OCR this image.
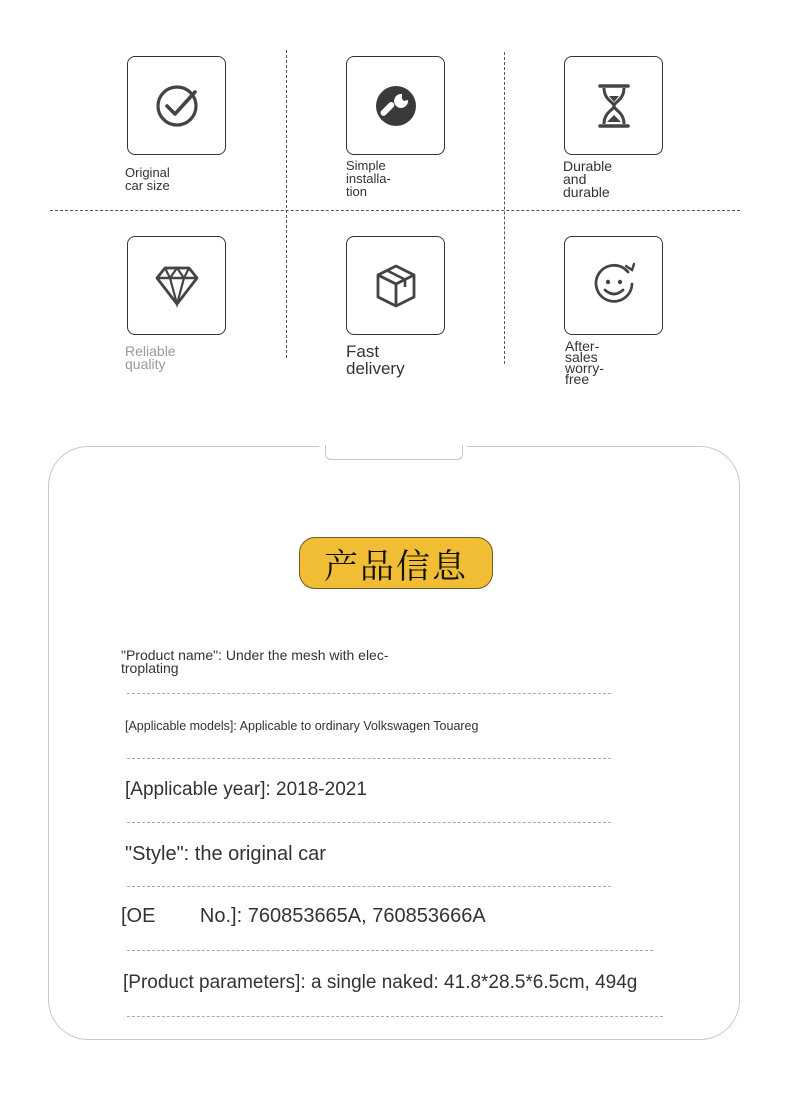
Original car size
Simple installa-
tion
Durable and
durable
Reliable quality
Fast delivery
After-sales
worry-free
产品信息
"Product name": Under the mesh with elec-
troplating
[Applicable models]: Applicable to ordinary Volkswagen Touareg
[Applicable year]: 2018-2021
"Style": the original car
[OE        No.]: 760853665A, 760853666A
[Product parameters]: a single naked: 41.8*28.5*6.5cm, 494g
